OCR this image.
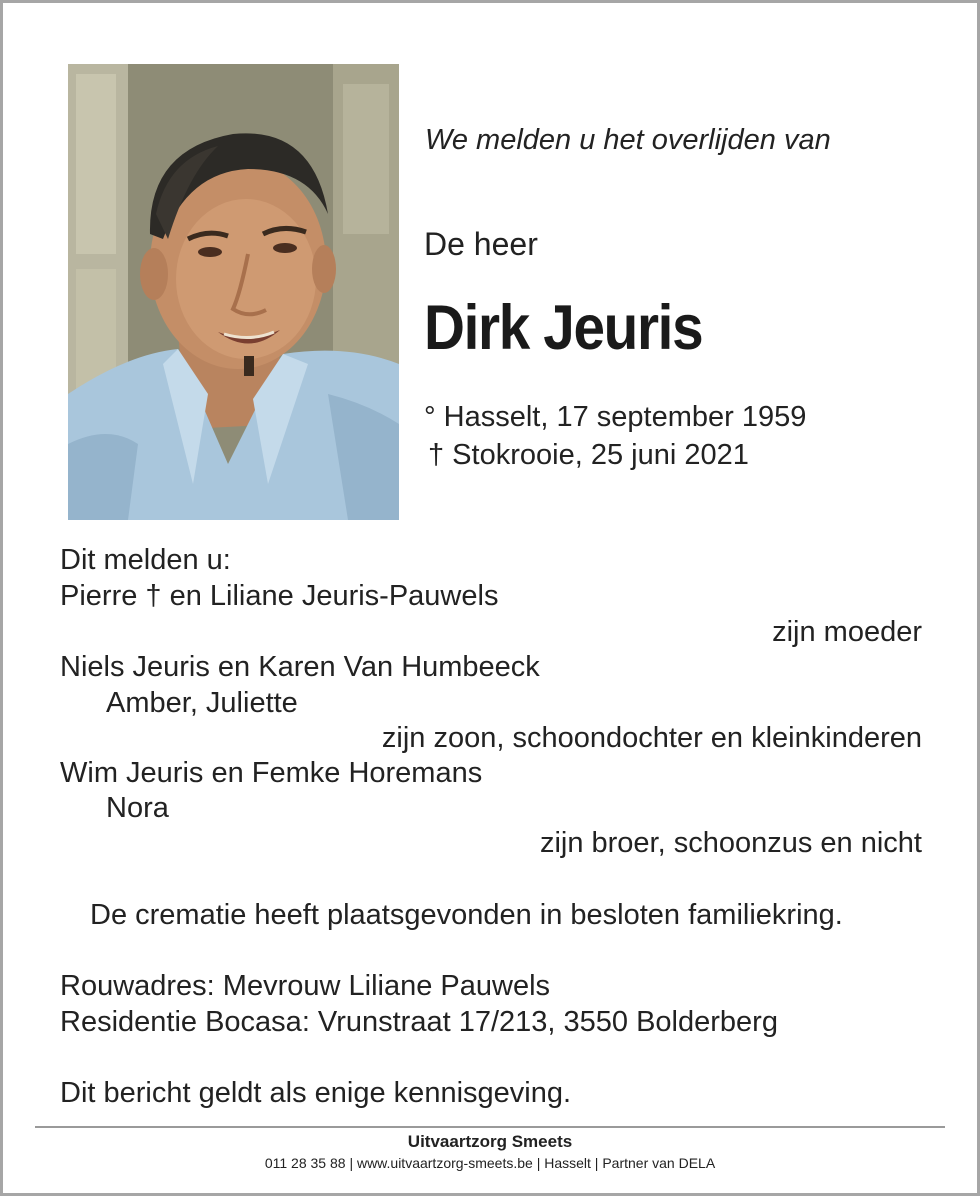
We melden u het overlijden van
De heer
Dirk Jeuris
° Hasselt, 17 september 1959
† Stokrooie, 25 juni 2021
Dit melden u:
Pierre † en Liliane Jeuris-Pauwels
zijn moeder
Niels Jeuris en Karen Van Humbeeck
Amber, Juliette
zijn zoon, schoondochter en kleinkinderen
Wim Jeuris en Femke Horemans
Nora
zijn broer, schoonzus en nicht
De crematie heeft plaatsgevonden in besloten familiekring.
Rouwadres: Mevrouw Liliane Pauwels
Residentie Bocasa: Vrunstraat 17/213, 3550 Bolderberg
Dit bericht geldt als enige kennisgeving.
Uitvaartzorg Smeets
011 28 35 88 | www.uitvaartzorg-smeets.be | Hasselt | Partner van DELA
